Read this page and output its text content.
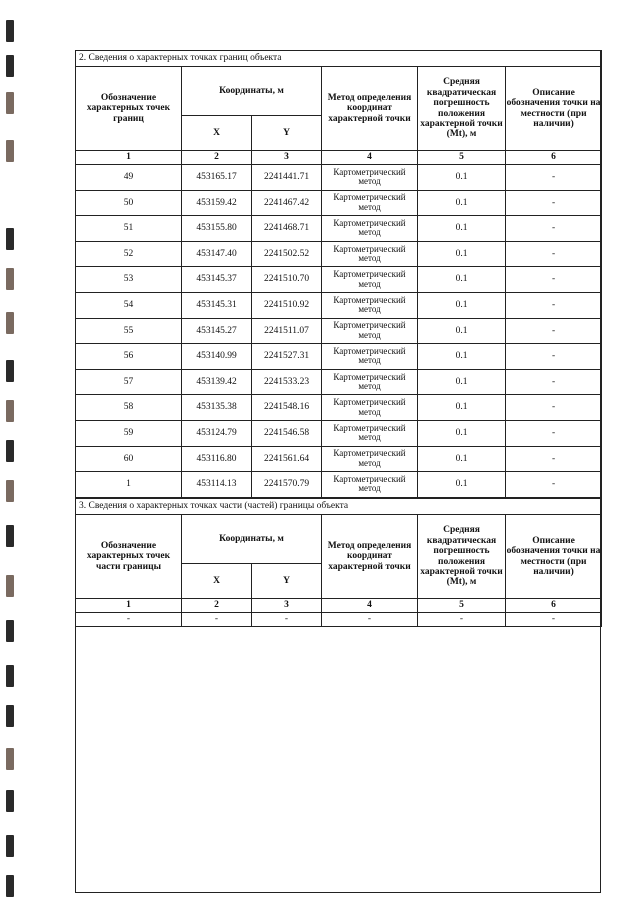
2. Сведения о характерных точках границ объекта					
Обозначение характерных точек границ	Координаты, м		Метод определения координат характерной точки	Средняя квадратическая погрешность положения характерной точки (Mt), м	Описание обозначения точки на местности (при наличии)
	X	Y			
1	2	3	4	5	6
49	453165.17	2241441.71	Картометрический метод	0.1	-
50	453159.42	2241467.42	Картометрический метод	0.1	-
51	453155.80	2241468.71	Картометрический метод	0.1	-
52	453147.40	2241502.52	Картометрический метод	0.1	-
53	453145.37	2241510.70	Картометрический метод	0.1	-
54	453145.31	2241510.92	Картометрический метод	0.1	-
55	453145.27	2241511.07	Картометрический метод	0.1	-
56	453140.99	2241527.31	Картометрический метод	0.1	-
57	453139.42	2241533.23	Картометрический метод	0.1	-
58	453135.38	2241548.16	Картометрический метод	0.1	-
59	453124.79	2241546.58	Картометрический метод	0.1	-
60	453116.80	2241561.64	Картометрический метод	0.1	-
1	453114.13	2241570.79	Картометрический метод	0.1	-
3. Сведения о характерных точках части (частей) границы объекта					
Обозначение характерных точек части границы	Координаты, м		Метод определения координат характерной точки	Средняя квадратическая погрешность положения характерной точки (Mt), м	Описание обозначения точки на местности (при наличии)
	X	Y			
1	2	3	4	5	6
-	-	-	-	-	-
